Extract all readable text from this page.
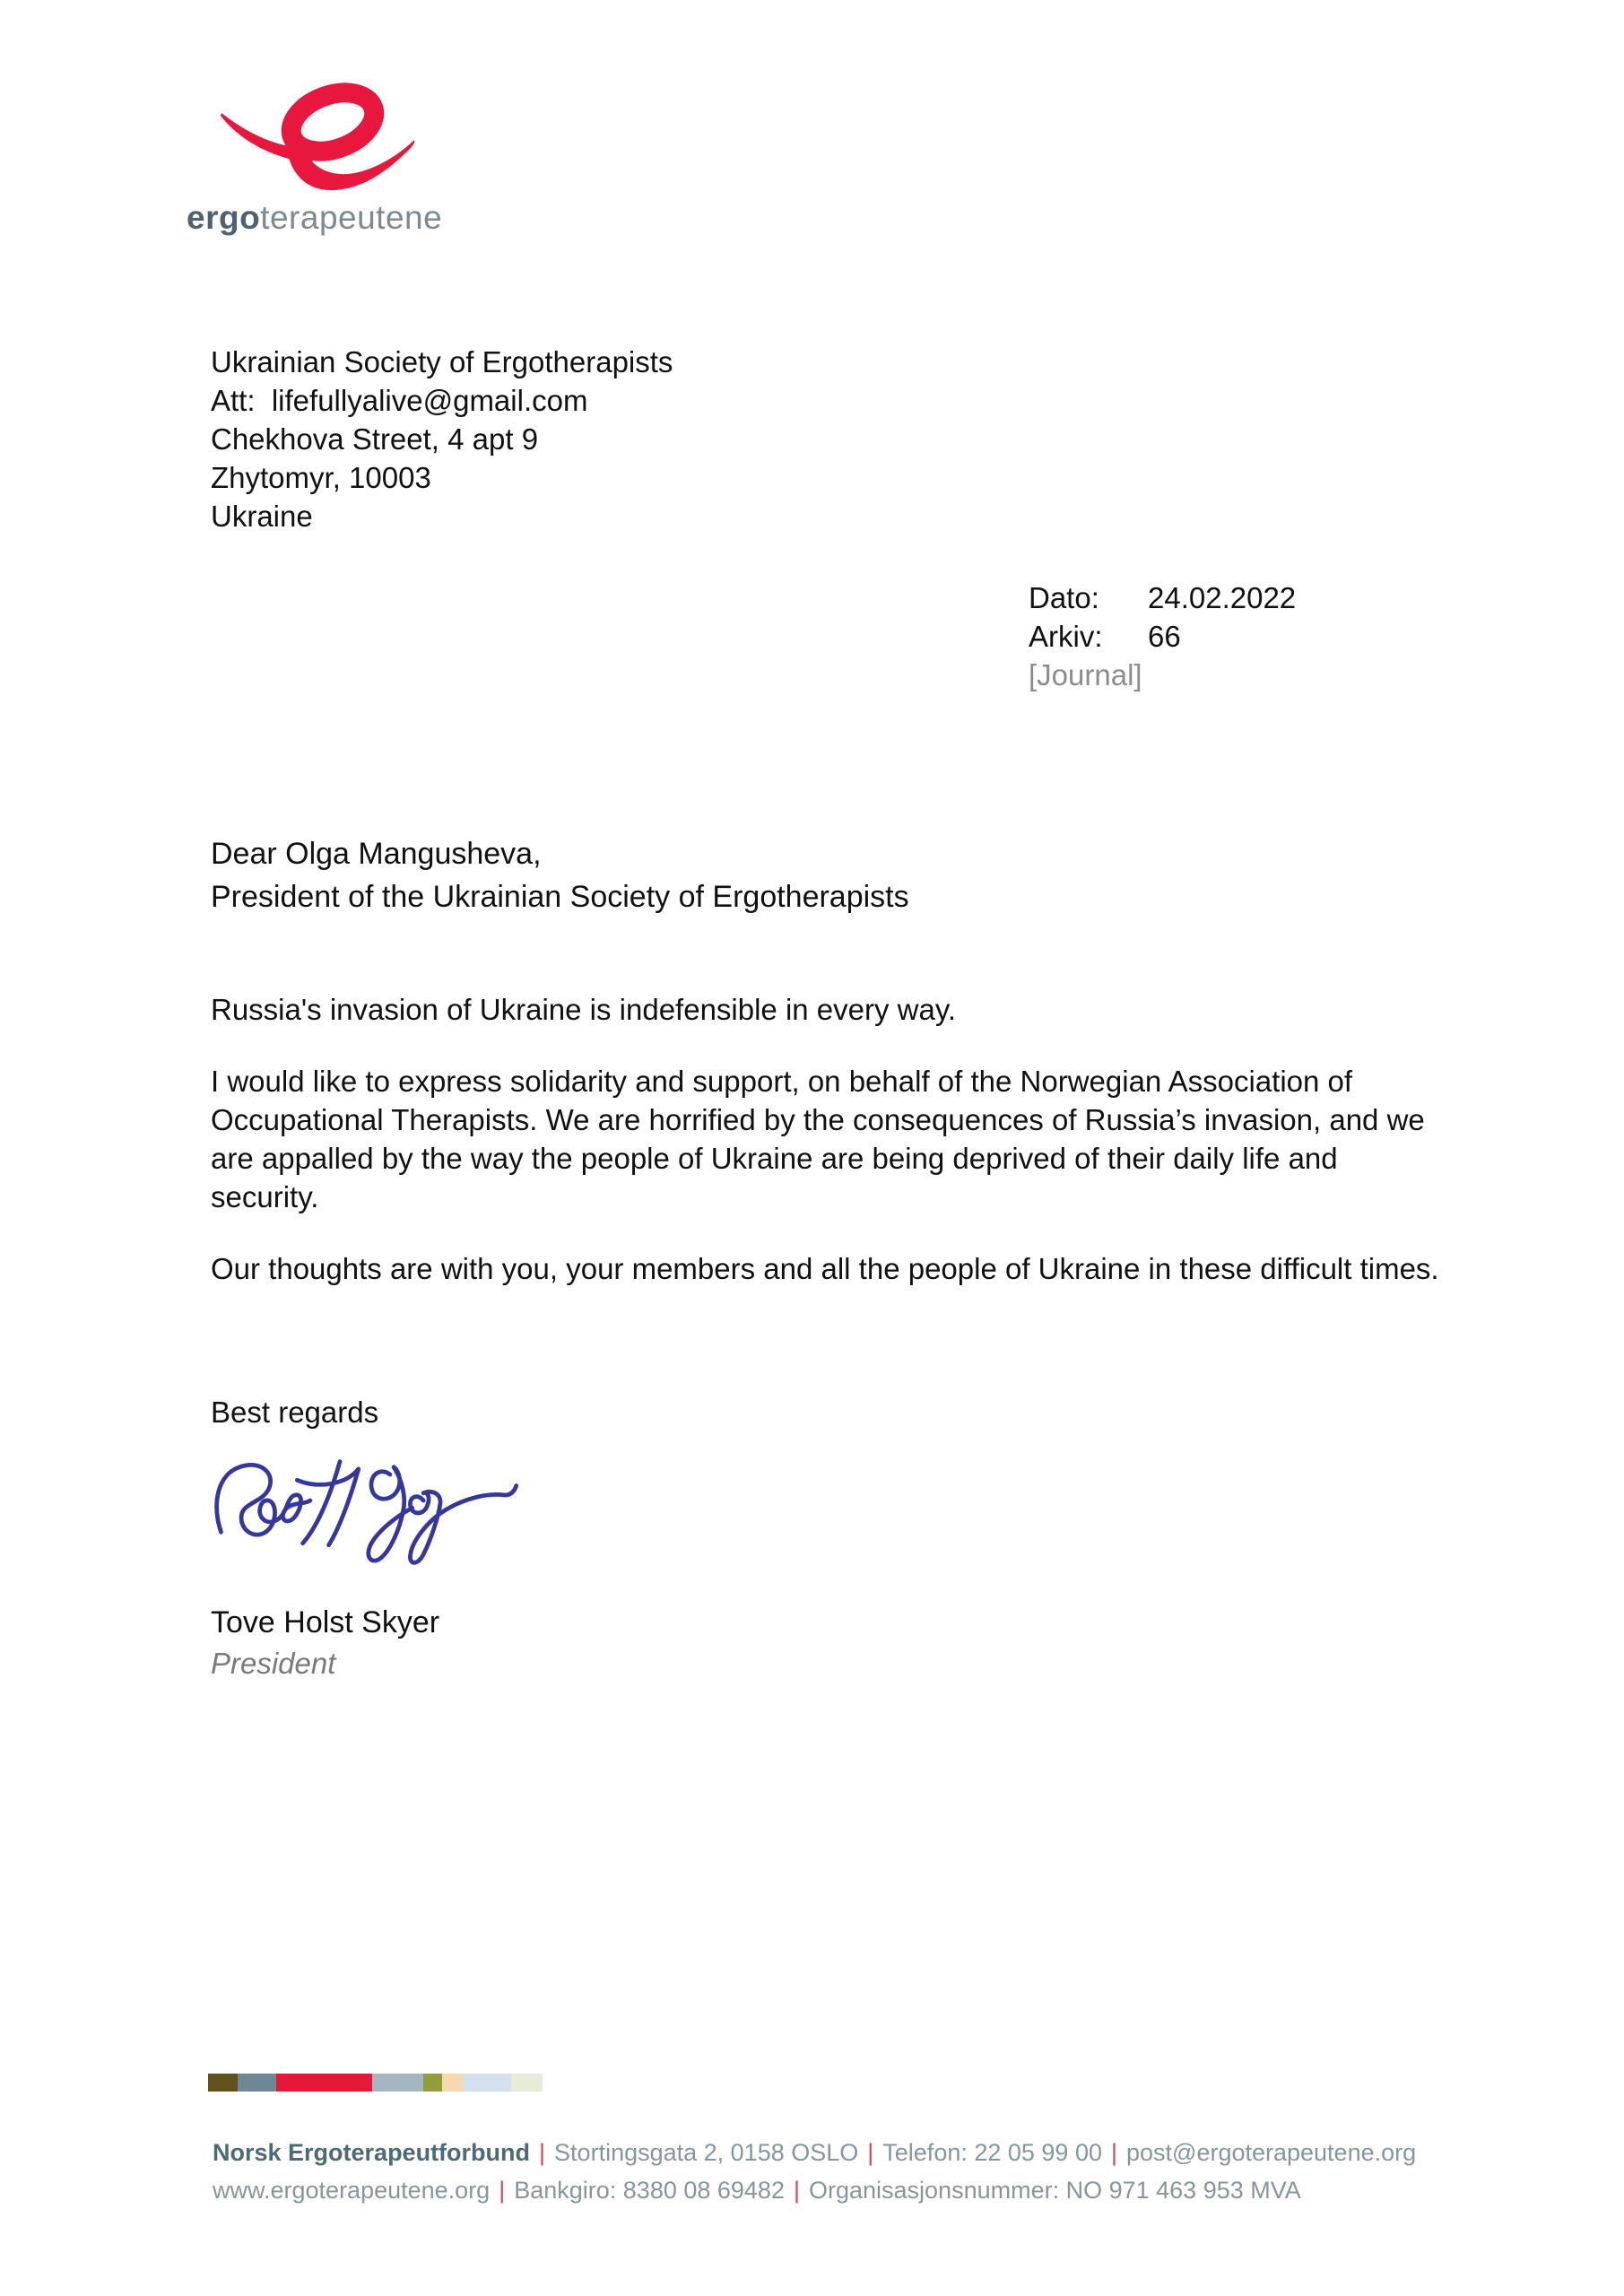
ergoterapeutene
Ukrainian Society of Ergotherapists
Att:  lifefullyalive@gmail.com
Chekhova Street, 4 apt 9
Zhytomyr, 10003
Ukraine
Dato: 24.02.2022
Arkiv: 66
[Journal]
Dear Olga Mangusheva,
President of the Ukrainian Society of Ergotherapists

Russia's invasion of Ukraine is indefensible in every way.

I would like to express solidarity and support, on behalf of the Norwegian Association of Occupational Therapists. We are horrified by the consequences of Russia’s invasion, and we are appalled by the way the people of Ukraine are being deprived of their daily life and security.

Our thoughts are with you, your members and all the people of Ukraine in these difficult times.

Best regards
Tove Holst Skyer
President
Norsk Ergoterapeutforbund | Stortingsgata 2, 0158 OSLO | Telefon: 22 05 99 00 | post@ergoterapeutene.org
www.ergoterapeutene.org | Bankgiro: 8380 08 69482 | Organisasjonsnummer: NO 971 463 953 MVA
